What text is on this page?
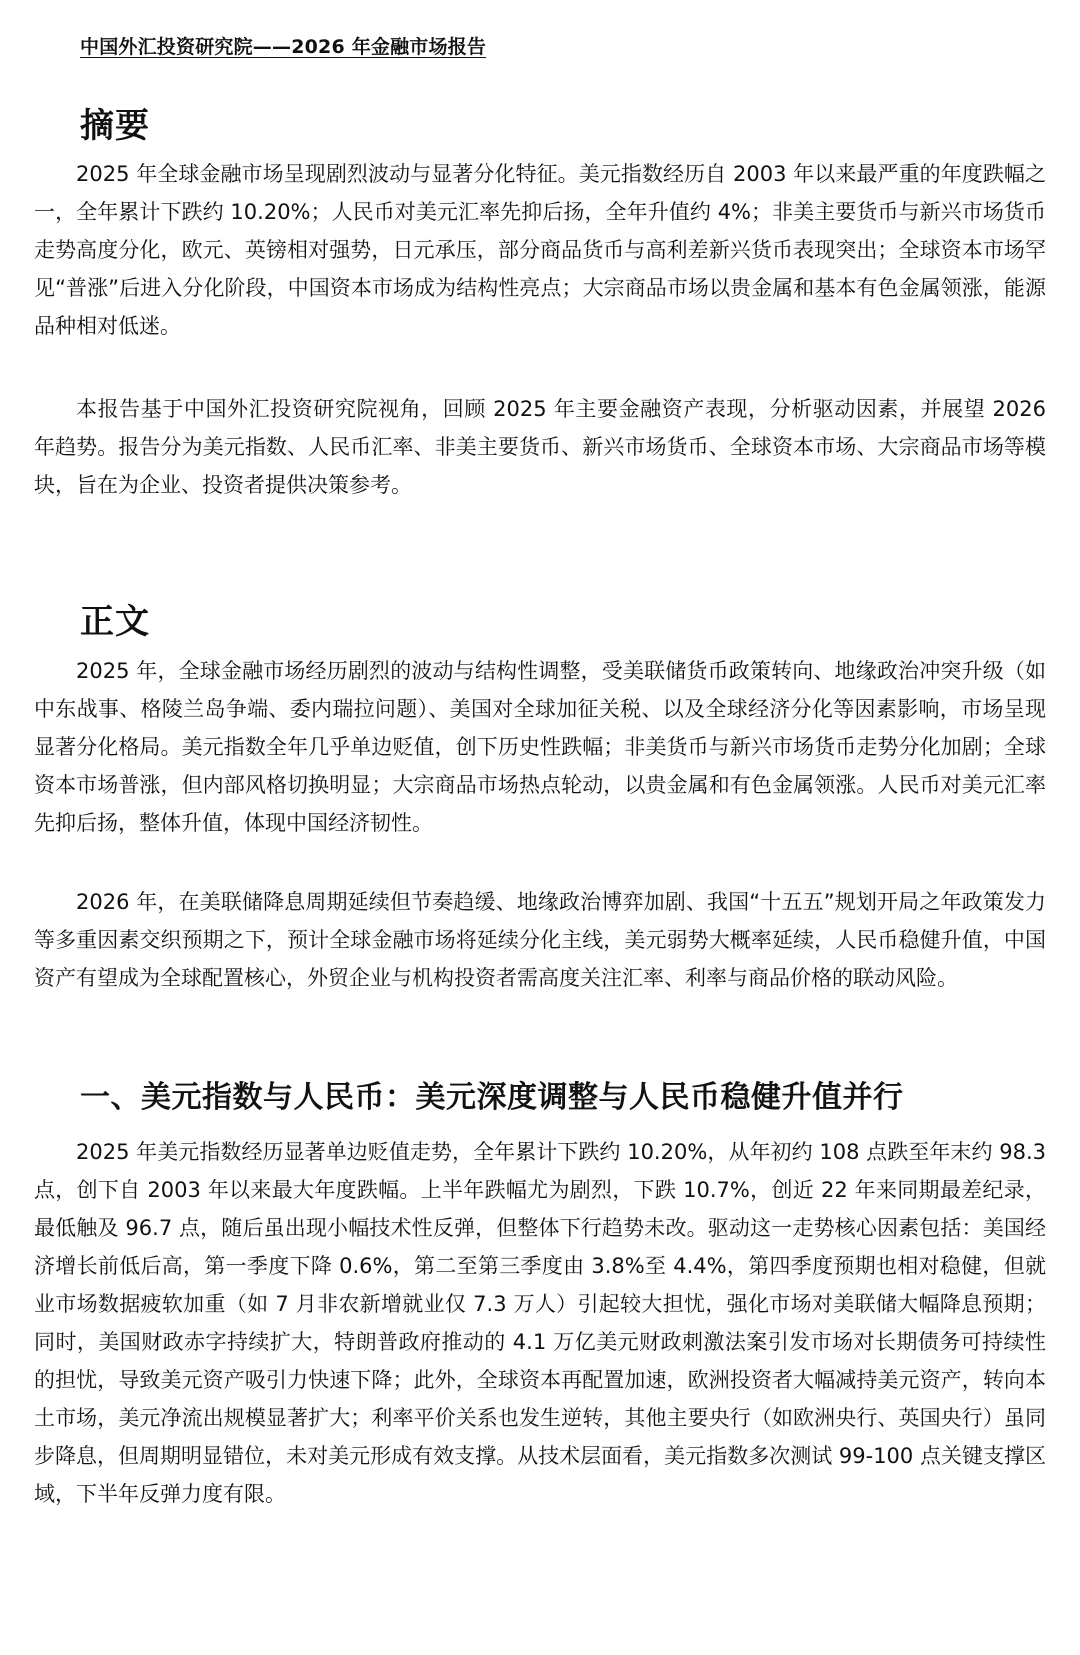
中国外汇投资研究院——2026 年金融市场报告
摘要

2025 年全球金融市场呈现剧烈波动与显著分化特征。美元指数经历自 2003 年以来最严重的年度跌幅之一，全年累计下跌约 10.20%；人民币对美元汇率先抑后扬，全年升值约 4%；非美主要货币与新兴市场货币走势高度分化，欧元、英镑相对强势，日元承压，部分商品货币与高利差新兴货币表现突出；全球资本市场罕见“普涨”后进入分化阶段，中国资本市场成为结构性亮点；大宗商品市场以贵金属和基本有色金属领涨，能源品种相对低迷。

本报告基于中国外汇投资研究院视角，回顾 2025 年主要金融资产表现，分析驱动因素，并展望 2026 年趋势。报告分为美元指数、人民币汇率、非美主要货币、新兴市场货币、全球资本市场、大宗商品市场等模块，旨在为企业、投资者提供决策参考。

正文

2025 年，全球金融市场经历剧烈的波动与结构性调整，受美联储货币政策转向、地缘政治冲突升级（如中东战事、格陵兰岛争端、委内瑞拉问题）、美国对全球加征关税、以及全球经济分化等因素影响，市场呈现显著分化格局。美元指数全年几乎单边贬值，创下历史性跌幅；非美货币与新兴市场货币走势分化加剧；全球资本市场普涨，但内部风格切换明显；大宗商品市场热点轮动，以贵金属和有色金属领涨。人民币对美元汇率先抑后扬，整体升值，体现中国经济韧性。

2026 年，在美联储降息周期延续但节奏趋缓、地缘政治博弈加剧、我国“十五五”规划开局之年政策发力等多重因素交织预期之下，预计全球金融市场将延续分化主线，美元弱势大概率延续，人民币稳健升值，中国资产有望成为全球配置核心，外贸企业与机构投资者需高度关注汇率、利率与商品价格的联动风险。

一、美元指数与人民币：美元深度调整与人民币稳健升值并行

2025 年美元指数经历显著单边贬值走势，全年累计下跌约 10.20%，从年初约 108 点跌至年末约 98.3 点，创下自 2003 年以来最大年度跌幅。上半年跌幅尤为剧烈，下跌 10.7%，创近 22 年来同期最差纪录，最低触及 96.7 点，随后虽出现小幅技术性反弹，但整体下行趋势未改。驱动这一走势核心因素包括：美国经济增长前低后高，第一季度下降 0.6%，第二至第三季度由 3.8%至 4.4%，第四季度预期也相对稳健，但就业市场数据疲软加重（如 7 月非农新增就业仅 7.3 万人）引起较大担忧，强化市场对美联储大幅降息预期；同时，美国财政赤字持续扩大，特朗普政府推动的 4.1 万亿美元财政刺激法案引发市场对长期债务可持续性的担忧，导致美元资产吸引力快速下降；此外，全球资本再配置加速，欧洲投资者大幅减持美元资产，转向本土市场，美元净流出规模显著扩大；利率平价关系也发生逆转，其他主要央行（如欧洲央行、英国央行）虽同步降息，但周期明显错位，未对美元形成有效支撑。从技术层面看，美元指数多次测试 99-100 点关键支撑区域，下半年反弹力度有限。
